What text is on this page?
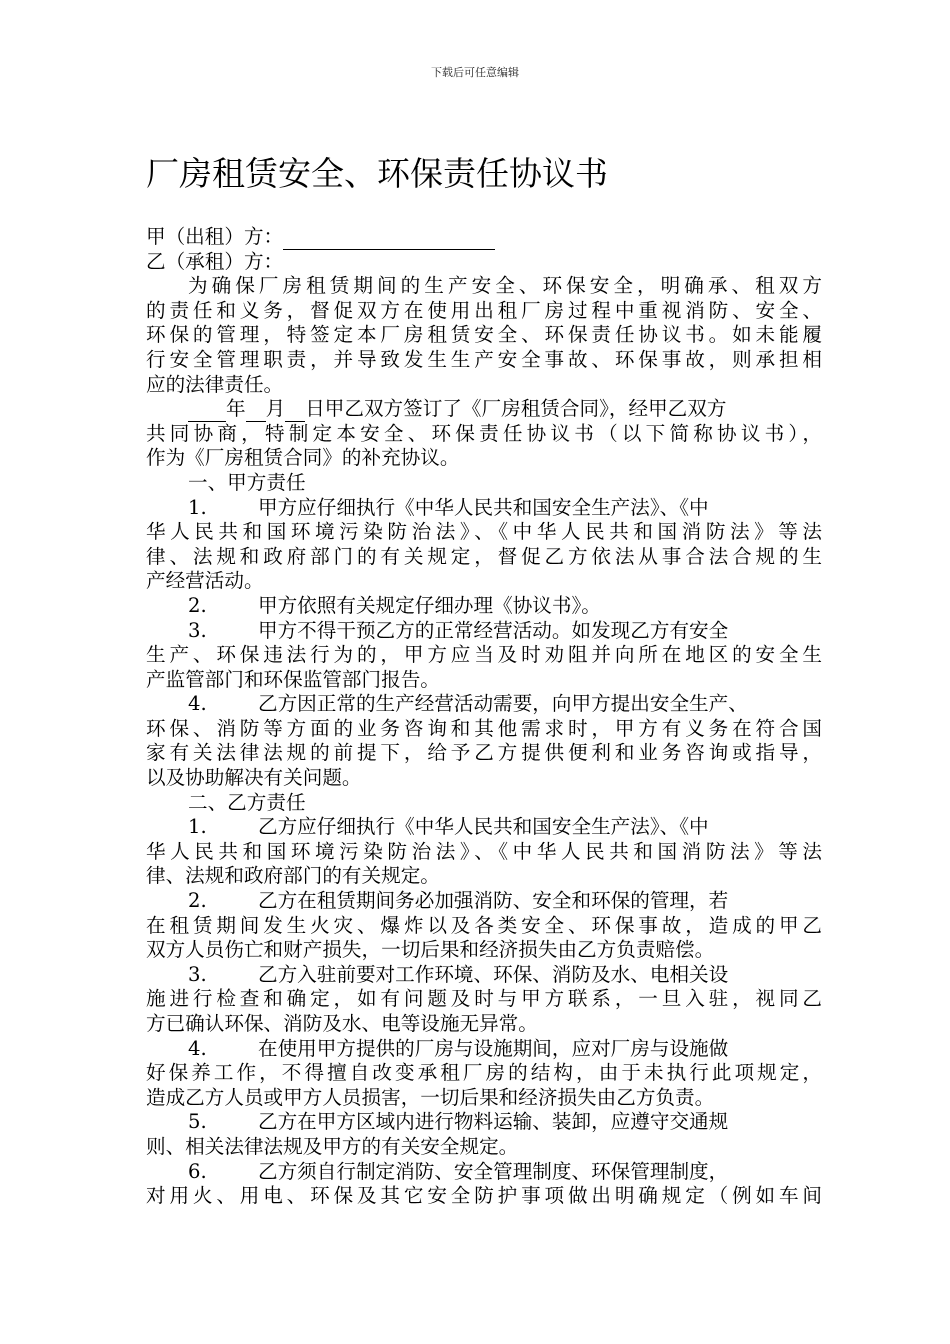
下载后可任意编辑
厂房租赁安全、环保责任协议书
甲（出租）方：
乙（承租）方：
为确保厂房租赁期间的生产安全、环保安全，明确承、租双方
的责任和义务，督促双方在使用出租厂房过程中重视消防、安全、
环保的管理，特签定本厂房租赁安全、环保责任协议书。如未能履
行安全管理职责，并导致发生生产安全事故、环保事故，则承担相
应的法律责任。
年 月 日甲乙双方签订了《厂房租赁合同》，经甲乙双方
共同协商，特制定本安全、环保责任协议书（以下简称协议书），
作为《厂房租赁合同》的补充协议。
一、甲方责任
1.	甲方应仔细执行《中华人民共和国安全生产法》、《中
华人民共和国环境污染防治法》、《中华人民共和国消防法》等法
律、法规和政府部门的有关规定，督促乙方依法从事合法合规的生
产经营活动。
2.	甲方依照有关规定仔细办理《协议书》。
3.	甲方不得干预乙方的正常经营活动。如发现乙方有安全
生产、环保违法行为的，甲方应当及时劝阻并向所在地区的安全生
产监管部门和环保监管部门报告。
4.	乙方因正常的生产经营活动需要，向甲方提出安全生产、
环保、消防等方面的业务咨询和其他需求时，甲方有义务在符合国
家有关法律法规的前提下，给予乙方提供便利和业务咨询或指导，
以及协助解决有关问题。
二、乙方责任
1.	乙方应仔细执行《中华人民共和国安全生产法》、《中
华人民共和国环境污染防治法》、《中华人民共和国消防法》等法
律、法规和政府部门的有关规定。
2.	乙方在租赁期间务必加强消防、安全和环保的管理，若
在租赁期间发生火灾、爆炸以及各类安全、环保事故，造成的甲乙
双方人员伤亡和财产损失，一切后果和经济损失由乙方负责赔偿。
3.	乙方入驻前要对工作环境、环保、消防及水、电相关设
施进行检查和确定，如有问题及时与甲方联系，一旦入驻，视同乙
方已确认环保、消防及水、电等设施无异常。
4.	在使用甲方提供的厂房与设施期间，应对厂房与设施做
好保养工作，不得擅自改变承租厂房的结构，由于未执行此项规定，
造成乙方人员或甲方人员损害，一切后果和经济损失由乙方负责。
5.	乙方在甲方区域内进行物料运输、装卸，应遵守交通规
则、相关法律法规及甲方的有关安全规定。
6.	乙方须自行制定消防、安全管理制度、环保管理制度，
对用火、用电、环保及其它安全防护事项做出明确规定（例如车间
